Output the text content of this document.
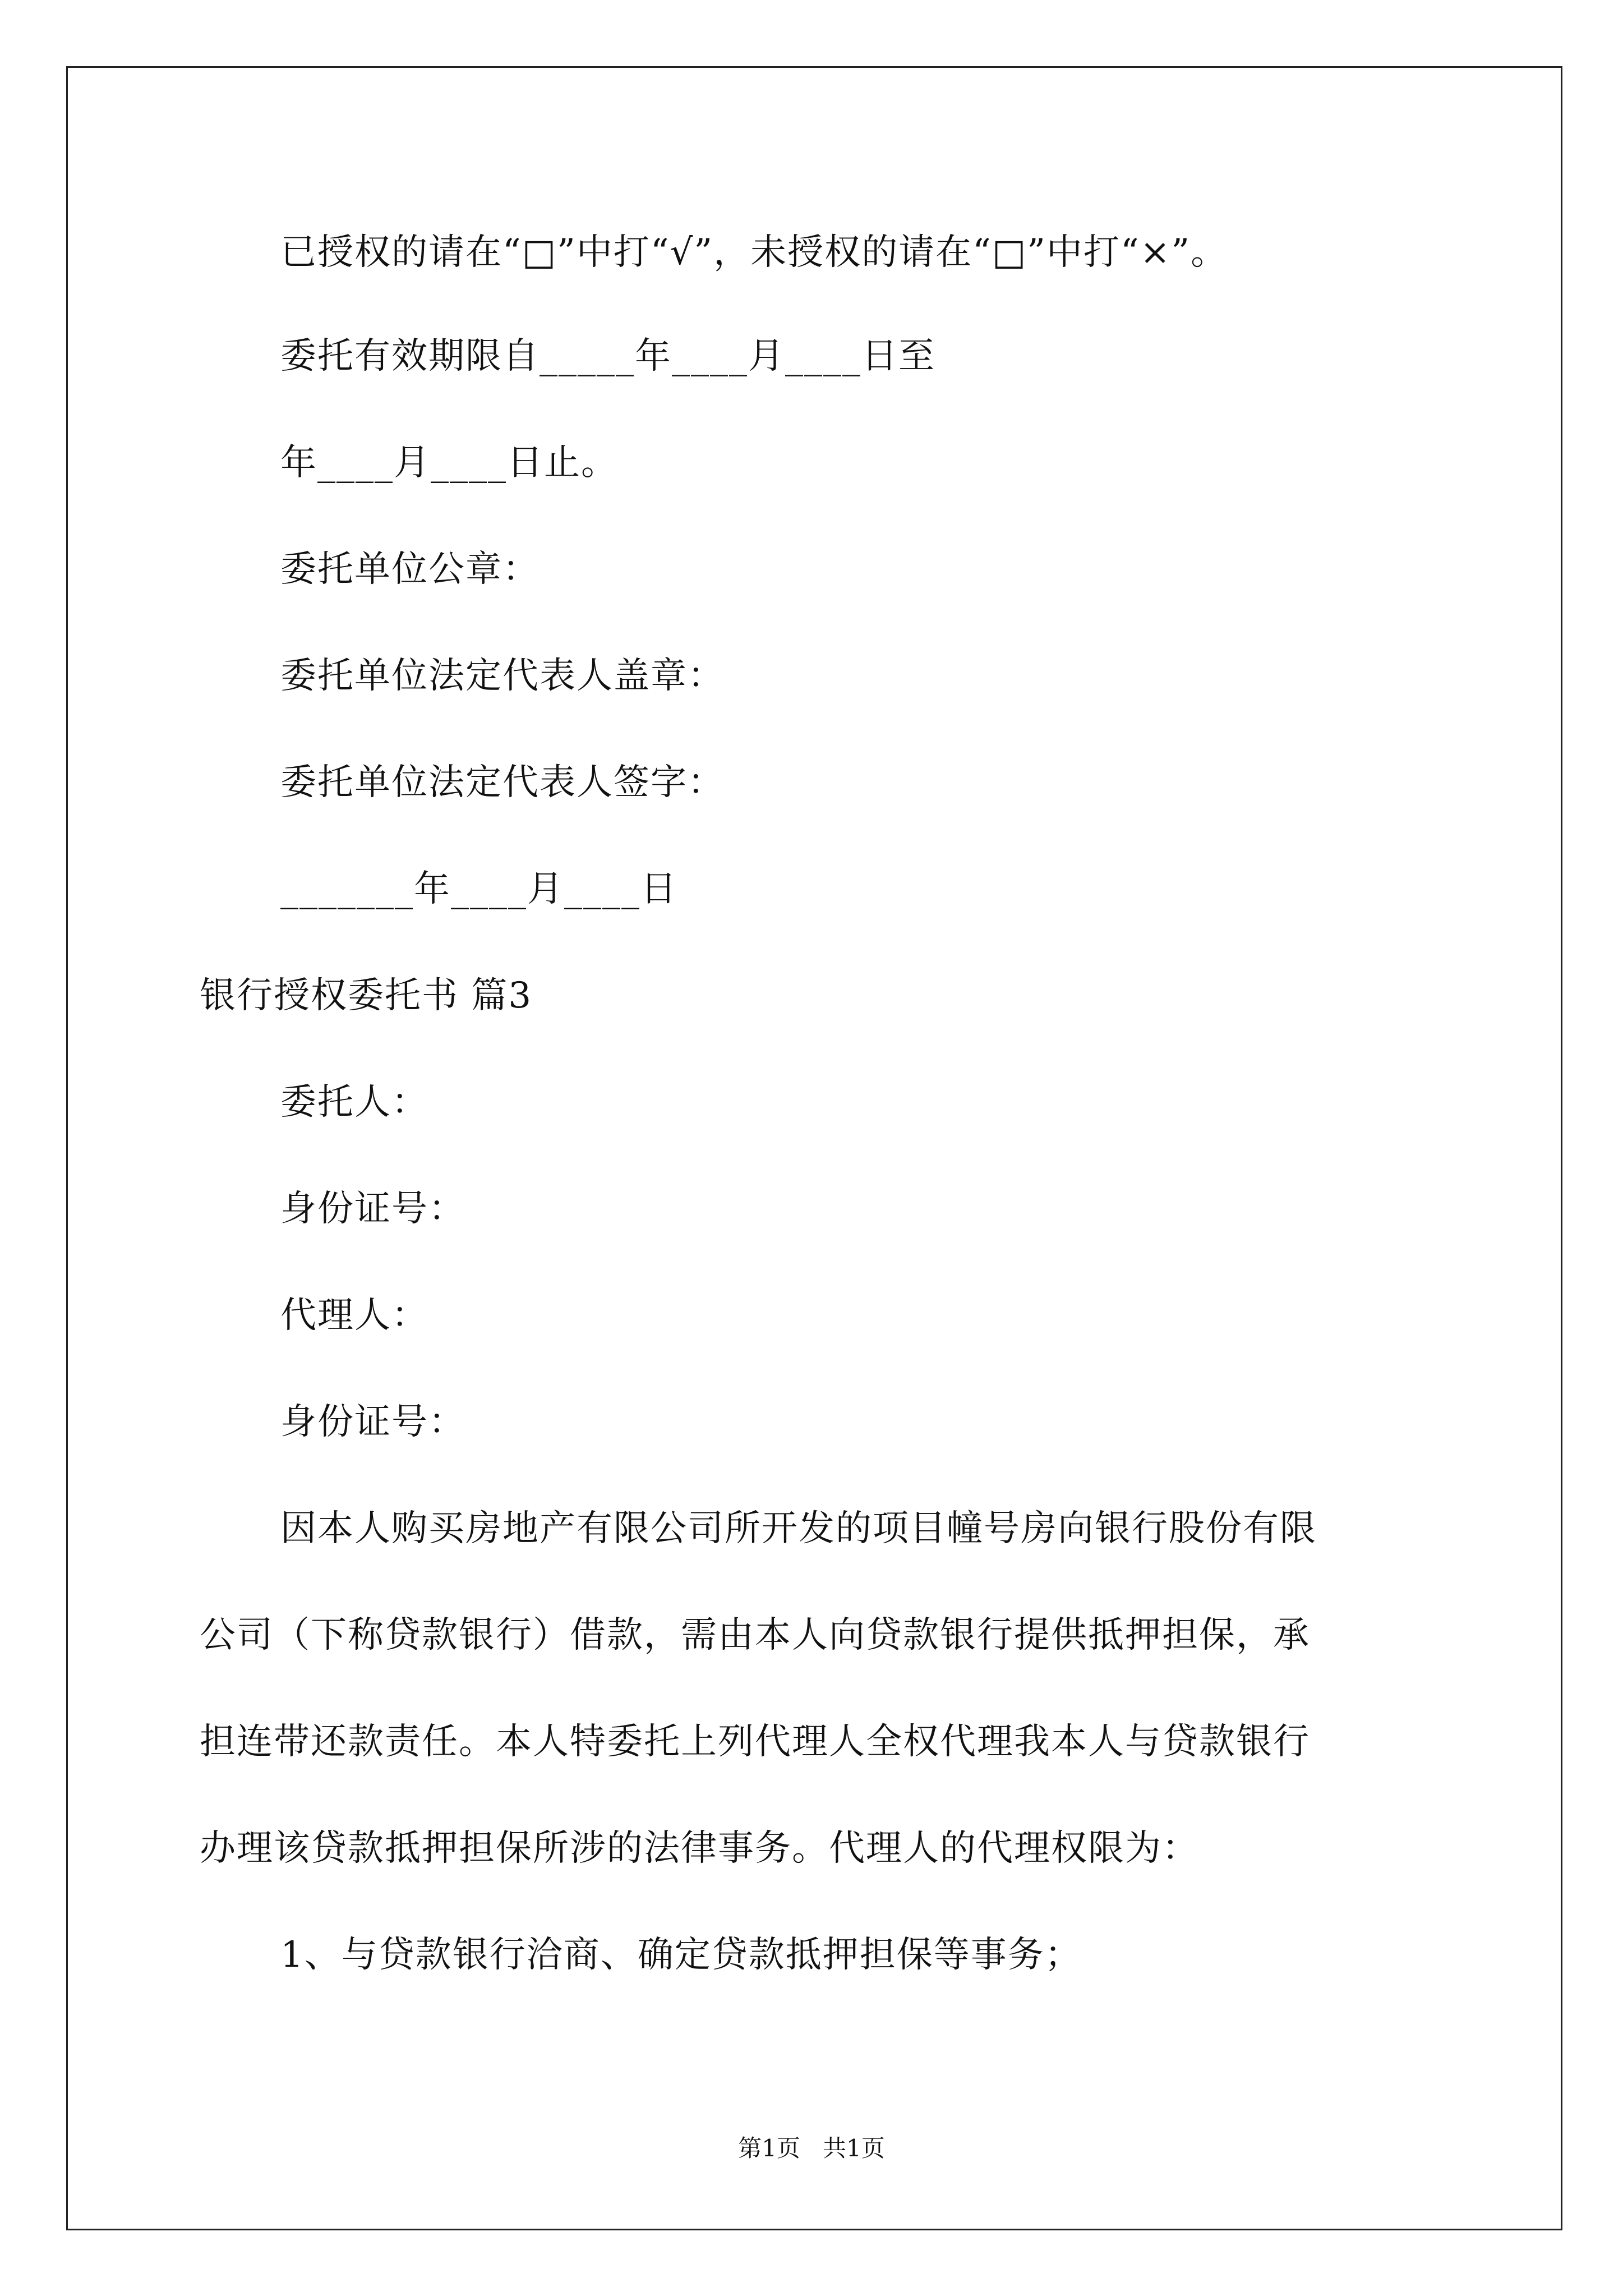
已授权的请在“□”中打“√”，未授权的请在“□”中打“×”。
委托有效期限自_____年____月____日至
年____月____日止。
委托单位公章：
委托单位法定代表人盖章：
委托单位法定代表人签字：
_______年____月____日
银行授权委托书 篇3
委托人：
身份证号：
代理人：
身份证号：
因本人购买房地产有限公司所开发的项目幢号房向银行股份有限
公司（下称贷款银行）借款，需由本人向贷款银行提供抵押担保，承
担连带还款责任。本人特委托上列代理人全权代理我本人与贷款银行
办理该贷款抵押担保所涉的法律事务。代理人的代理权限为：
1、与贷款银行洽商、确定贷款抵押担保等事务；
第1页   共1页
